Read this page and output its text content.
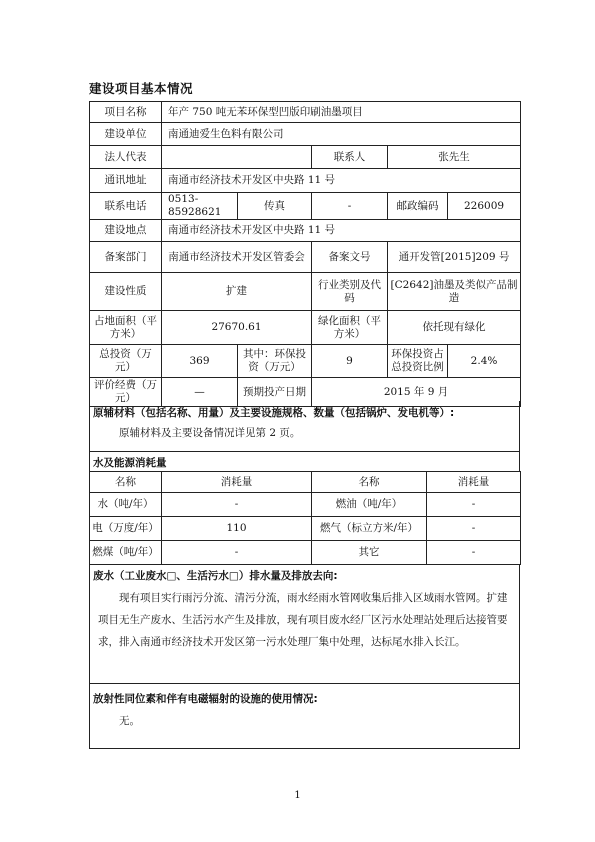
建设项目基本情况
项目名称	年产 750 吨无苯环保型凹版印刷油墨项目				
建设单位	南通迪爱生色料有限公司				
法人代表			联系人	张先生	
通讯地址	南通市经济技术开发区中央路 11 号				
联系电话	0513-85928621	传真	-	邮政编码	226009
建设地点	南通市经济技术开发区中央路 11 号				
备案部门	南通市经济技术开发区管委会		备案文号	通开发管[2015]209 号	
建设性质	扩建		行业类别及代码	[C2642]油墨及类似产品制造	
占地面积（平方米）	27670.61		绿化面积（平方米）	依托现有绿化	
总投资（万元）	369	其中：环保投资（万元）	9	环保投资占总投资比例	2.4%
评价经费（万元）	—	预期投产日期	2015 年 9 月		
原辅材料（包括名称、用量）及主要设施规格、数量（包括锅炉、发电机等）:
原辅材料及主要设备情况详见第 2 页。
水及能源消耗量
名称	消耗量	名称	消耗量
水（吨/年）	-	燃油（吨/年）	-
电（万度/年）	110	燃气（标立方米/年）	-
燃煤（吨/年）	-	其它	-
废水（工业废水□、生活污水□）排水量及排放去向:
现有项目实行雨污分流、清污分流，雨水经雨水管网收集后排入区域雨水管网。扩建项目无生产废水、生活污水产生及排放，现有项目废水经厂区污水处理站处理后达接管要求，排入南通市经济技术开发区第一污水处理厂集中处理，达标尾水排入长江。
放射性同位素和伴有电磁辐射的设施的使用情况:
无。
1
